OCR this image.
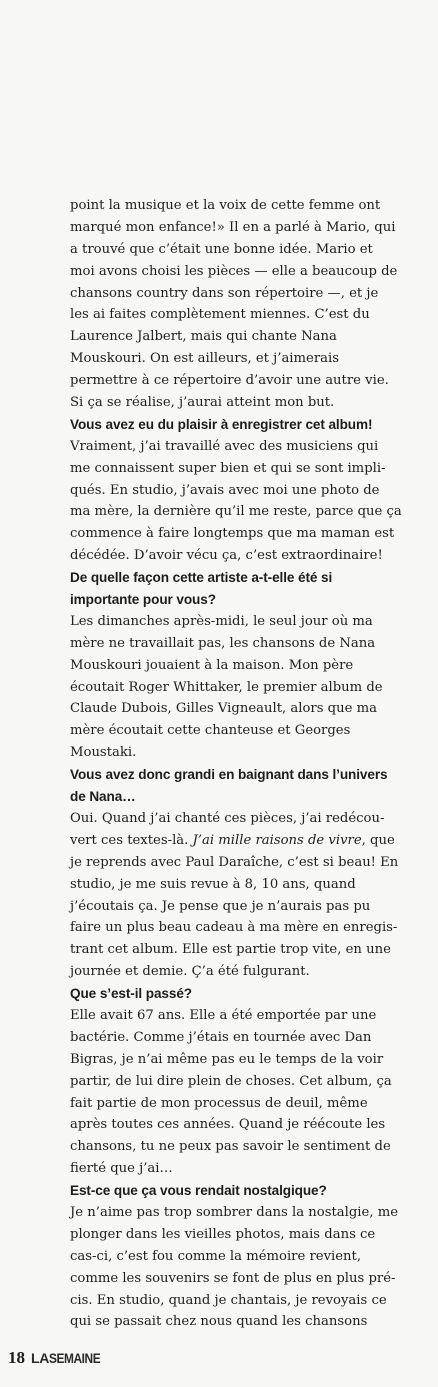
point la musique et la voix de cette femme ont
marqué mon enfance!» Il en a parlé à Mario, qui
a trouvé que c’était une bonne idée. Mario et
moi avons choisi les pièces — elle a beaucoup de
chansons country dans son répertoire —, et je
les ai faites complètement miennes. C’est du
Laurence Jalbert, mais qui chante Nana
Mouskouri. On est ailleurs, et j’aimerais
permettre à ce répertoire d’avoir une autre vie.
Si ça se réalise, j’aurai atteint mon but.
Vous avez eu du plaisir à enregistrer cet album!
Vraiment, j’ai travaillé avec des musiciens qui
me connaissent super bien et qui se sont impli-
qués. En studio, j’avais avec moi une photo de
ma mère, la dernière qu’il me reste, parce que ça
commence à faire longtemps que ma maman est
décédée. D’avoir vécu ça, c’est extraordinaire!
De quelle façon cette artiste a-t-elle été si
importante pour vous?
Les dimanches après-midi, le seul jour où ma
mère ne travaillait pas, les chansons de Nana
Mouskouri jouaient à la maison. Mon père
écoutait Roger Whittaker, le premier album de
Claude Dubois, Gilles Vigneault, alors que ma
mère écoutait cette chanteuse et Georges
Moustaki.
Vous avez donc grandi en baignant dans l’univers
de Nana…
Oui. Quand j’ai chanté ces pièces, j’ai redécou-
vert ces textes-là. J’ai mille raisons de vivre, que
je reprends avec Paul Daraîche, c’est si beau! En
studio, je me suis revue à 8, 10 ans, quand
j’écoutais ça. Je pense que je n’aurais pas pu
faire un plus beau cadeau à ma mère en enregis-
trant cet album. Elle est partie trop vite, en une
journée et demie. Ç’a été fulgurant.
Que s’est-il passé?
Elle avait 67 ans. Elle a été emportée par une
bactérie. Comme j’étais en tournée avec Dan
Bigras, je n’ai même pas eu le temps de la voir
partir, de lui dire plein de choses. Cet album, ça
fait partie de mon processus de deuil, même
après toutes ces années. Quand je réécoute les
chansons, tu ne peux pas savoir le sentiment de
fierté que j’ai…
Est-ce que ça vous rendait nostalgique?
Je n’aime pas trop sombrer dans la nostalgie, me
plonger dans les vieilles photos, mais dans ce
cas-ci, c’est fou comme la mémoire revient,
comme les souvenirs se font de plus en plus pré-
cis. En studio, quand je chantais, je revoyais ce
qui se passait chez nous quand les chansons
18 LA SEMAINE
